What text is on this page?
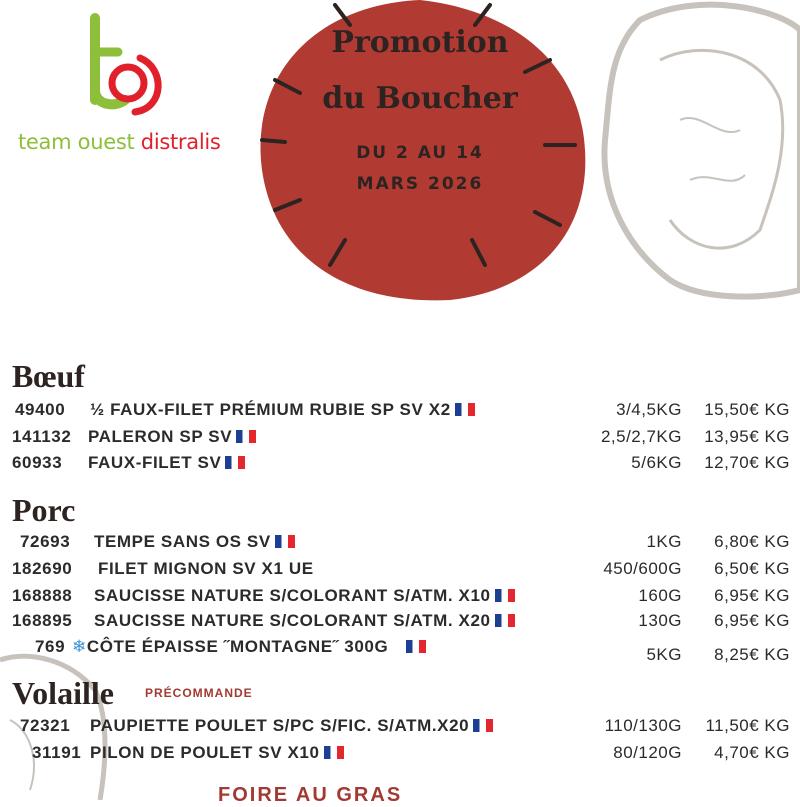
team ouest distralis
Promotion
du Boucher
DU 2 AU 14
MARS 2026
Bœuf
49400 ½ FAUX-FILET PRÉMIUM RUBIE SP SV X2	3/4,5KG 15,50€ KG
141132 PALERON SP SV	2,5/2,7KG 13,95€ KG
60933 FAUX-FILET SV	5/6KG 12,70€ KG
Porc
72693 TEMPE SANS OS SV	1KG 6,80€ KG
182690 FILET MIGNON SV X1 UE	450/600G 6,50€ KG
168888 SAUCISSE NATURE S/COLORANT S/ATM. X10	160G 6,95€ KG
168895 SAUCISSE NATURE S/COLORANT S/ATM. X20	130G 6,95€ KG
769 ❄CÔTE ÉPAISSE ˝MONTAGNE˝ 300G	5KG 8,25€ KG
Volaille	PRÉCOMMANDE
72321 PAUPIETTE POULET S/PC S/FIC. S/ATM.X20	110/130G 11,50€ KG
31191 PILON DE POULET SV X10	80/120G 4,70€ KG
FOIRE AU GRAS
